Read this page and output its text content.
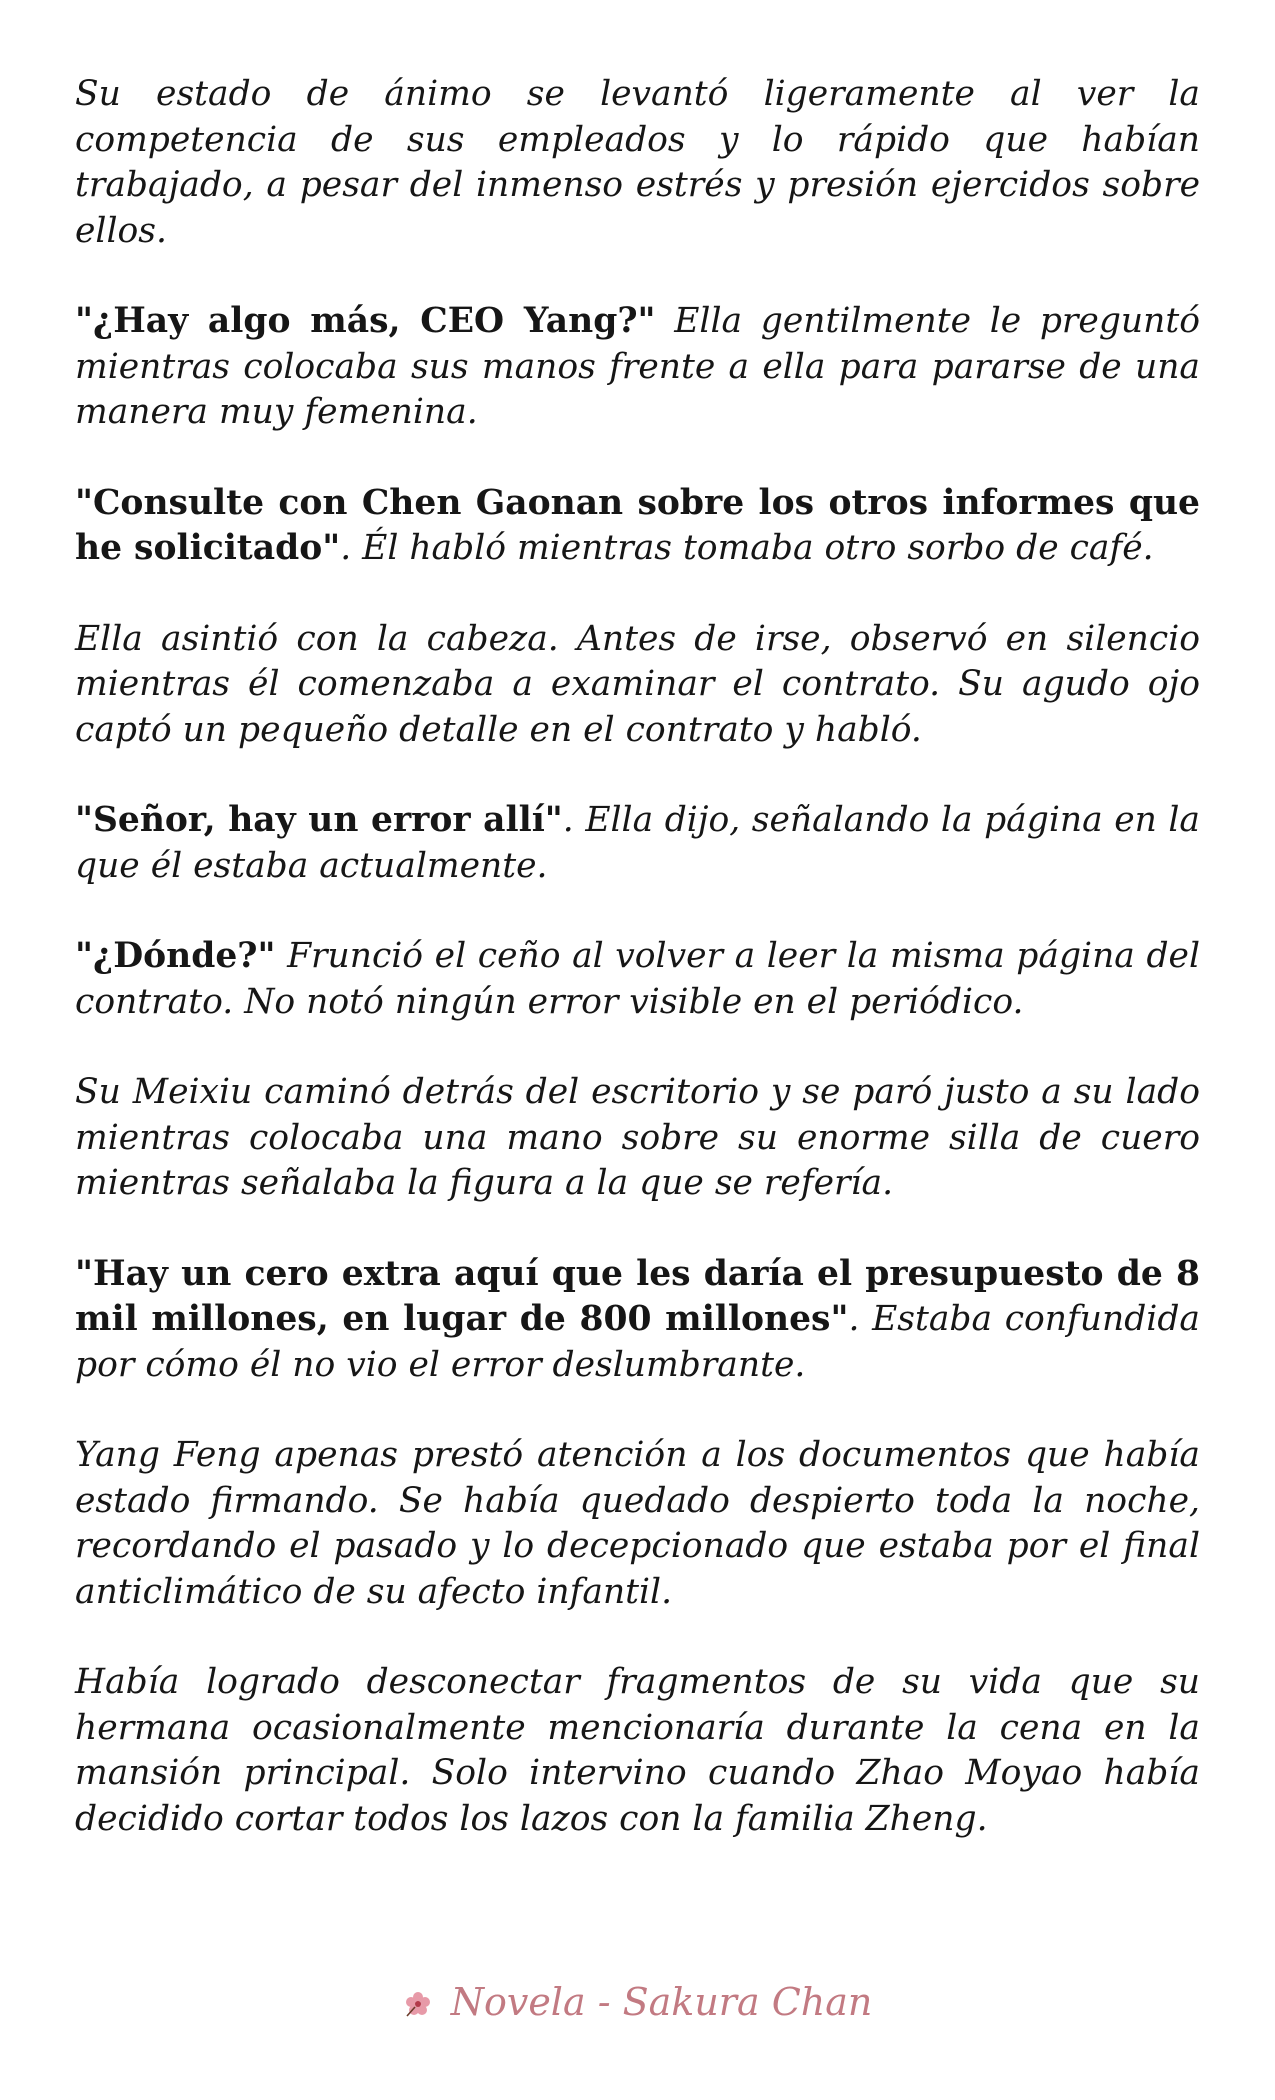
Su estado de ánimo se levantó ligeramente al ver la competencia de sus empleados y lo rápido que habían trabajado, a pesar del inmenso estrés y presión ejercidos sobre ellos.

"¿Hay algo más, CEO Yang?" Ella gentilmente le preguntó mientras colocaba sus manos frente a ella para pararse de una manera muy femenina.

"Consulte con Chen Gaonan sobre los otros informes que he solicitado". Él habló mientras tomaba otro sorbo de café.

Ella asintió con la cabeza. Antes de irse, observó en silencio mientras él comenzaba a examinar el contrato. Su agudo ojo captó un pequeño detalle en el contrato y habló.

"Señor, hay un error allí". Ella dijo, señalando la página en la que él estaba actualmente.

"¿Dónde?" Frunció el ceño al volver a leer la misma página del contrato. No notó ningún error visible en el periódico.

Su Meixiu caminó detrás del escritorio y se paró justo a su lado mientras colocaba una mano sobre su enorme silla de cuero mientras señalaba la figura a la que se refería.

"Hay un cero extra aquí que les daría el presupuesto de 8 mil millones, en lugar de 800 millones". Estaba confundida por cómo él no vio el error deslumbrante.

Yang Feng apenas prestó atención a los documentos que había estado firmando. Se había quedado despierto toda la noche, recordando el pasado y lo decepcionado que estaba por el final anticlimático de su afecto infantil.

Había logrado desconectar fragmentos de su vida que su hermana ocasionalmente mencionaría durante la cena en la mansión principal. Solo intervino cuando Zhao Moyao había decidido cortar todos los lazos con la familia Zheng.

Novela - Sakura Chan
